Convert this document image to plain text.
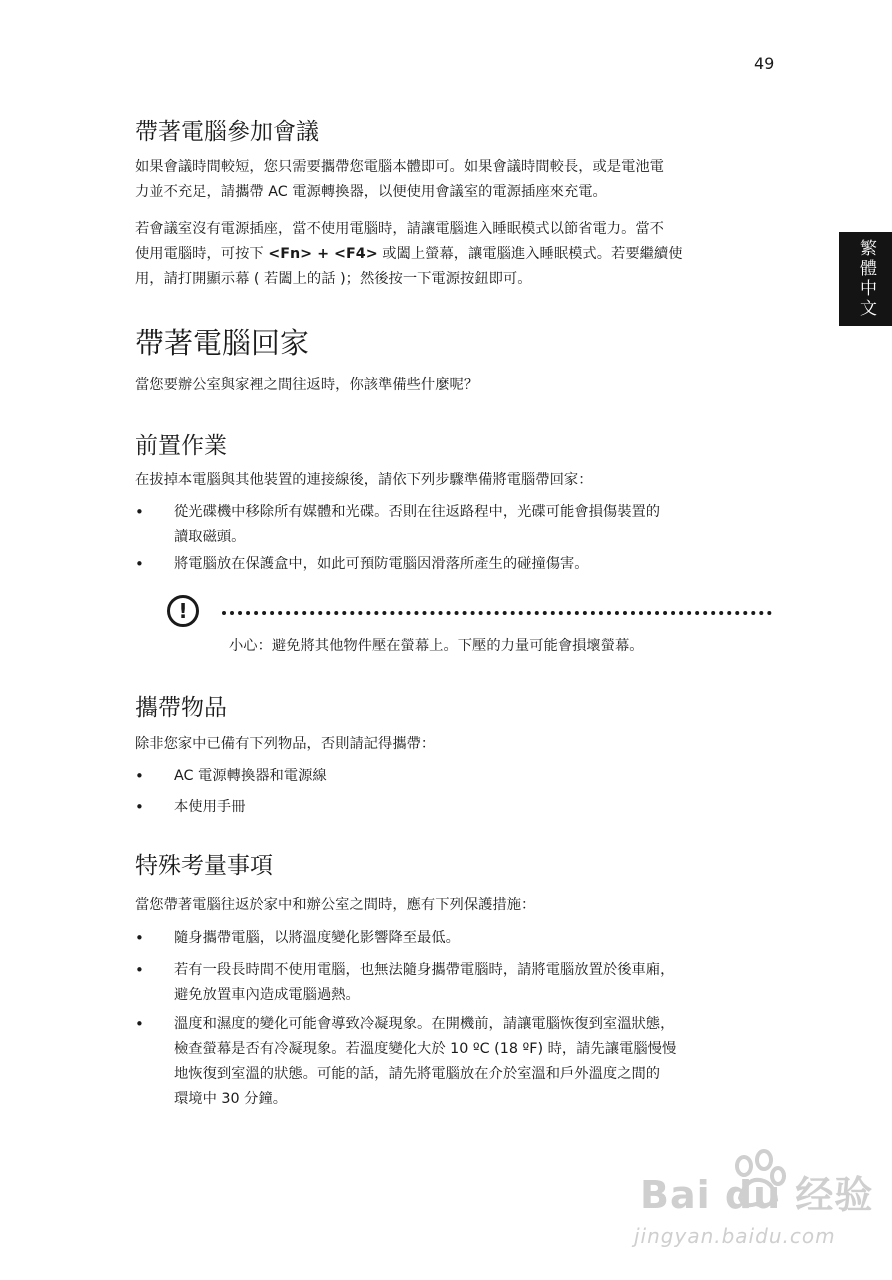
49
繁體中文
帶著電腦參加會議

如果會議時間較短，您只需要攜帶您電腦本體即可。如果會議時間較長，或是電池電
力並不充足，請攜帶 AC 電源轉換器，以便使用會議室的電源插座來充電。

若會議室沒有電源插座，當不使用電腦時，請讓電腦進入睡眠模式以節省電力。當不
使用電腦時，可按下 <Fn> + <F4> 或闔上螢幕，讓電腦進入睡眠模式。若要繼續使
用，請打開顯示幕 ( 若闔上的話 )；然後按一下電源按鈕即可。

帶著電腦回家

當您要辦公室與家裡之間往返時，你該準備些什麼呢？

前置作業

在拔掉本電腦與其他裝置的連接線後，請依下列步驟準備將電腦帶回家：

• 從光碟機中移除所有媒體和光碟。否則在往返路程中，光碟可能會損傷裝置的
讀取磁頭。
• 將電腦放在保護盒中，如此可預防電腦因滑落所產生的碰撞傷害。
!
小心：避免將其他物件壓在螢幕上。下壓的力量可能會損壞螢幕。
攜帶物品

除非您家中已備有下列物品，否則請記得攜帶：

• AC 電源轉換器和電源線
• 本使用手冊
特殊考量事項

當您帶著電腦往返於家中和辦公室之間時，應有下列保護措施：

• 隨身攜帶電腦，以將溫度變化影響降至最低。
• 若有一段長時間不使用電腦，也無法隨身攜帶電腦時，請將電腦放置於後車廂，
避免放置車內造成電腦過熱。
• 溫度和濕度的變化可能會導致冷凝現象。在開機前，請讓電腦恢復到室溫狀態，
檢查螢幕是否有冷凝現象。若溫度變化大於 10 ºC (18 ºF) 時，請先讓電腦慢慢
地恢復到室溫的狀態。可能的話，請先將電腦放在介於室溫和戶外溫度之間的
環境中 30 分鐘。
Bai du 经验
jingyan.baidu.com
